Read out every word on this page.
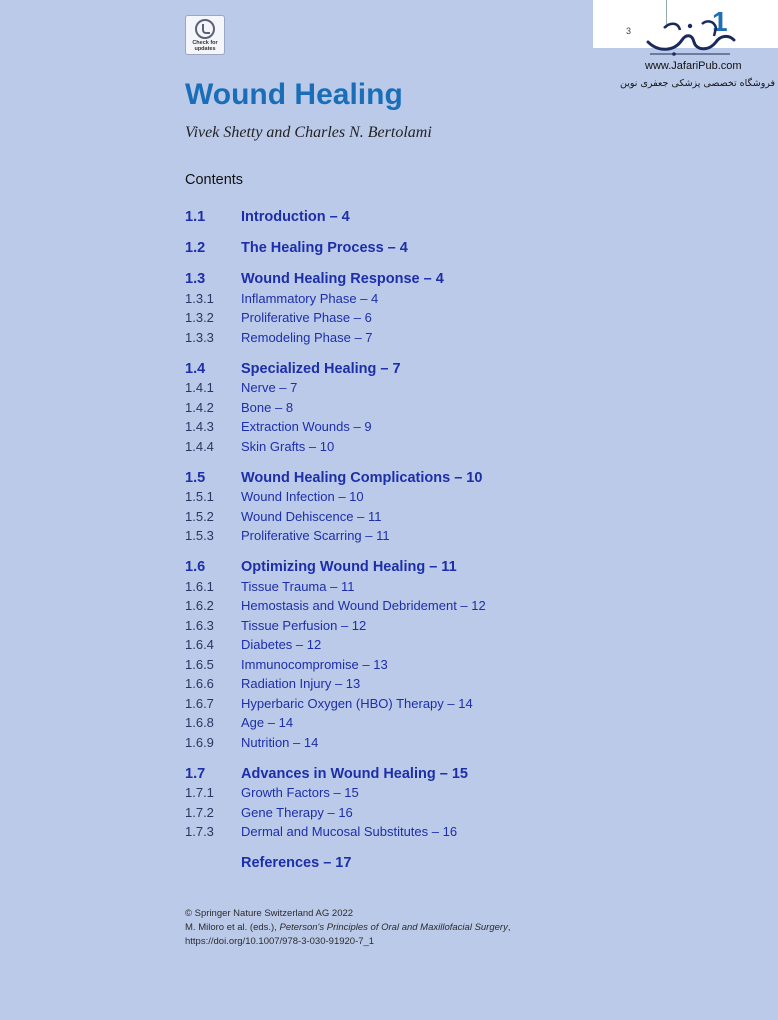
Check for updates
3	1
www.JafariPub.com
فروشگاه تخصصی پزشکی جعفری نوین
Wound Healing
Vivek Shetty and Charles N. Bertolami
Contents
1.1	Introduction – 4
1.2	The Healing Process – 4
1.3	Wound Healing Response – 4
1.3.1	Inflammatory Phase – 4
1.3.2	Proliferative Phase – 6
1.3.3	Remodeling Phase – 7
1.4	Specialized Healing – 7
1.4.1	Nerve – 7
1.4.2	Bone – 8
1.4.3	Extraction Wounds – 9
1.4.4	Skin Grafts – 10
1.5	Wound Healing Complications – 10
1.5.1	Wound Infection – 10
1.5.2	Wound Dehiscence – 11
1.5.3	Proliferative Scarring – 11
1.6	Optimizing Wound Healing – 11
1.6.1	Tissue Trauma – 11
1.6.2	Hemostasis and Wound Debridement – 12
1.6.3	Tissue Perfusion – 12
1.6.4	Diabetes – 12
1.6.5	Immunocompromise – 13
1.6.6	Radiation Injury – 13
1.6.7	Hyperbaric Oxygen (HBO) Therapy – 14
1.6.8	Age – 14
1.6.9	Nutrition – 14
1.7	Advances in Wound Healing – 15
1.7.1	Growth Factors – 15
1.7.2	Gene Therapy – 16
1.7.3	Dermal and Mucosal Substitutes – 16
References – 17
© Springer Nature Switzerland AG 2022
M. Miloro et al. (eds.), Peterson's Principles of Oral and Maxillofacial Surgery,
https://doi.org/10.1007/978-3-030-91920-7_1
